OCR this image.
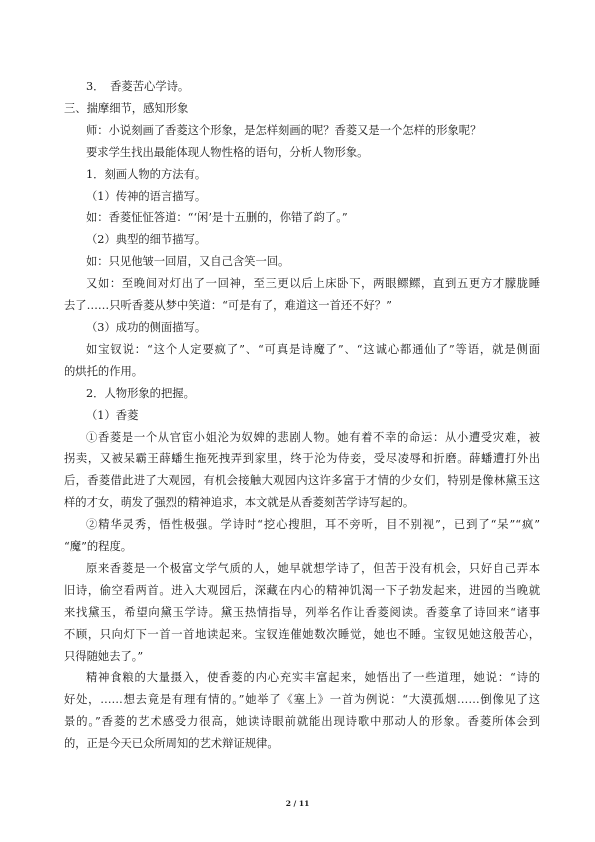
3．　香菱苦心学诗。

三、揣摩细节，感知形象

师：小说刻画了香菱这个形象，是怎样刻画的呢？香菱又是一个怎样的形象呢？

要求学生找出最能体现人物性格的语句，分析人物形象。

1．刻画人物的方法有。

（1）传神的语言描写。

如：香菱怔怔答道：“‘闲’是十五删的，你错了韵了。”

（2）典型的细节描写。

如：只见他皱一回眉，又自己含笑一回。

又如：至晚间对灯出了一回神，至三更以后上床卧下，两眼鳏鳏，直到五更方才朦胧睡

去了……只听香菱从梦中笑道：“可是有了，难道这一首还不好？”

（3）成功的侧面描写。

如宝钗说：“这个人定要疯了”、“可真是诗魔了”、“这诚心都通仙了”等语，就是侧面

的烘托的作用。

2．人物形象的把握。

（1）香菱

①香菱是一个从官宦小姐沦为奴婢的悲剧人物。她有着不幸的命运：从小遭受灾难，被

拐卖，又被呆霸王薛蟠生拖死拽弄到家里，终于沦为侍妾，受尽凌辱和折磨。薛蟠遭打外出

后，香菱借此进了大观园，有机会接触大观园内这许多富于才情的少女们，特别是像林黛玉这

样的才女，萌发了强烈的精神追求，本文就是从香菱刻苦学诗写起的。

②精华灵秀，悟性极强。学诗时“挖心搜胆，耳不旁听，目不别视”，已到了“呆”“疯”

“魔”的程度。

原来香菱是一个极富文学气质的人，她早就想学诗了，但苦于没有机会，只好自己弄本

旧诗，偷空看两首。进入大观园后，深藏在内心的精神饥渴一下子勃发起来，进园的当晚就

来找黛玉，希望向黛玉学诗。黛玉热情指导，列举名作让香菱阅读。香菱拿了诗回来“诸事

不顾，只向灯下一首一首地读起来。宝钗连催她数次睡觉，她也不睡。宝钗见她这般苦心，

只得随她去了。”

精神食粮的大量摄入，使香菱的内心充实丰富起来，她悟出了一些道理，她说：“诗的

好处，……想去竟是有理有情的。”她举了《塞上》一首为例说：“大漠孤烟……倒像见了这

景的。”香菱的艺术感受力很高，她读诗眼前就能出现诗歌中那动人的形象。香菱所体会到

的，正是今天已众所周知的艺术辩证规律。

2 / 11
